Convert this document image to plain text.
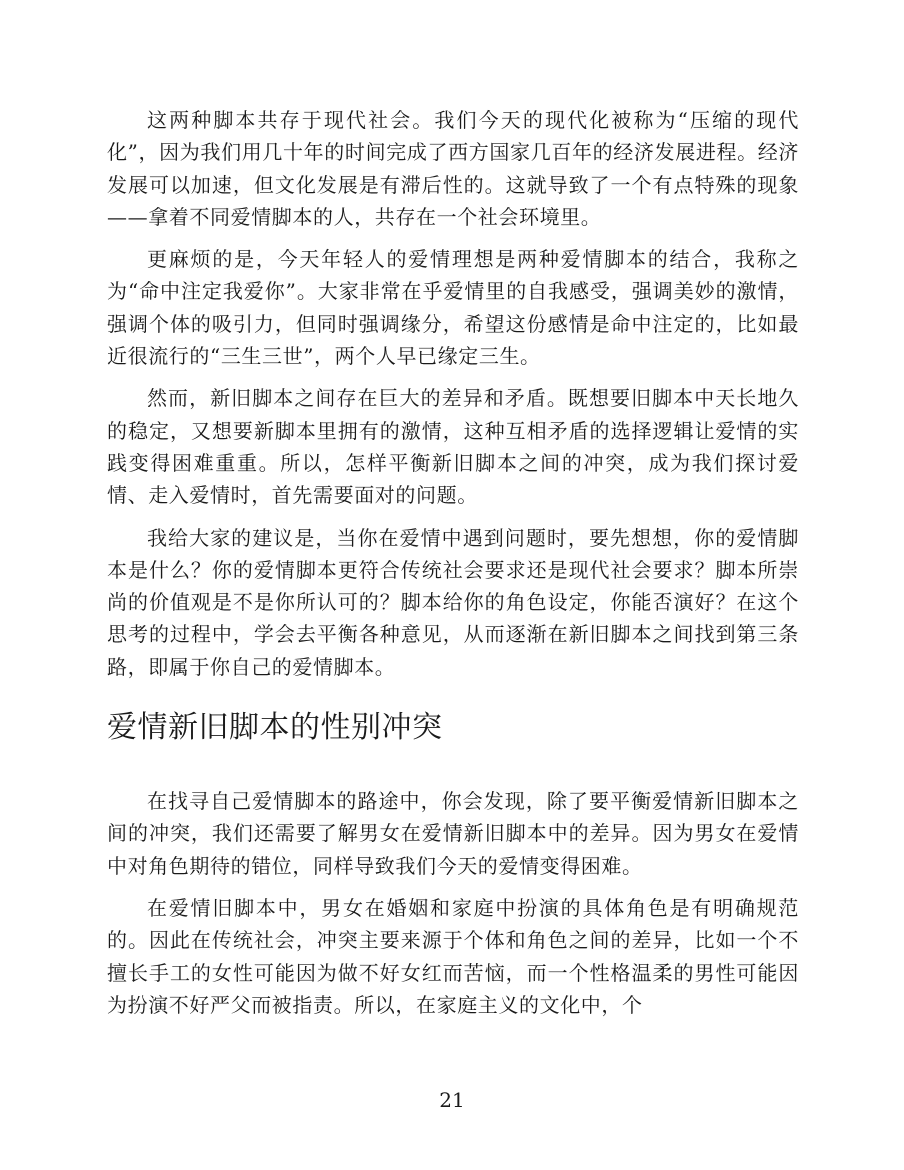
这两种脚本共存于现代社会。我们今天的现代化被称为“压缩的现代化”，因为我们用几十年的时间完成了西方国家几百年的经济发展进程。经济发展可以加速，但文化发展是有滞后性的。这就导致了一个有点特殊的现象——拿着不同爱情脚本的人，共存在一个社会环境里。

更麻烦的是，今天年轻人的爱情理想是两种爱情脚本的结合，我称之为“命中注定我爱你”。大家非常在乎爱情里的自我感受，强调美妙的激情，强调个体的吸引力，但同时强调缘分，希望这份感情是命中注定的，比如最近很流行的“三生三世”，两个人早已缘定三生。

然而，新旧脚本之间存在巨大的差异和矛盾。既想要旧脚本中天长地久的稳定，又想要新脚本里拥有的激情，这种互相矛盾的选择逻辑让爱情的实践变得困难重重。所以，怎样平衡新旧脚本之间的冲突，成为我们探讨爱情、走入爱情时，首先需要面对的问题。

我给大家的建议是，当你在爱情中遇到问题时，要先想想，你的爱情脚本是什么？你的爱情脚本更符合传统社会要求还是现代社会要求？脚本所崇尚的价值观是不是你所认可的？脚本给你的角色设定，你能否演好？在这个思考的过程中，学会去平衡各种意见，从而逐渐在新旧脚本之间找到第三条路，即属于你自己的爱情脚本。

爱情新旧脚本的性别冲突

在找寻自己爱情脚本的路途中，你会发现，除了要平衡爱情新旧脚本之间的冲突，我们还需要了解男女在爱情新旧脚本中的差异。因为男女在爱情中对角色期待的错位，同样导致我们今天的爱情变得困难。

在爱情旧脚本中，男女在婚姻和家庭中扮演的具体角色是有明确规范的。因此在传统社会，冲突主要来源于个体和角色之间的差异，比如一个不擅长手工的女性可能因为做不好女红而苦恼，而一个性格温柔的男性可能因为扮演不好严父而被指责。所以，在家庭主义的文化中，个

21
